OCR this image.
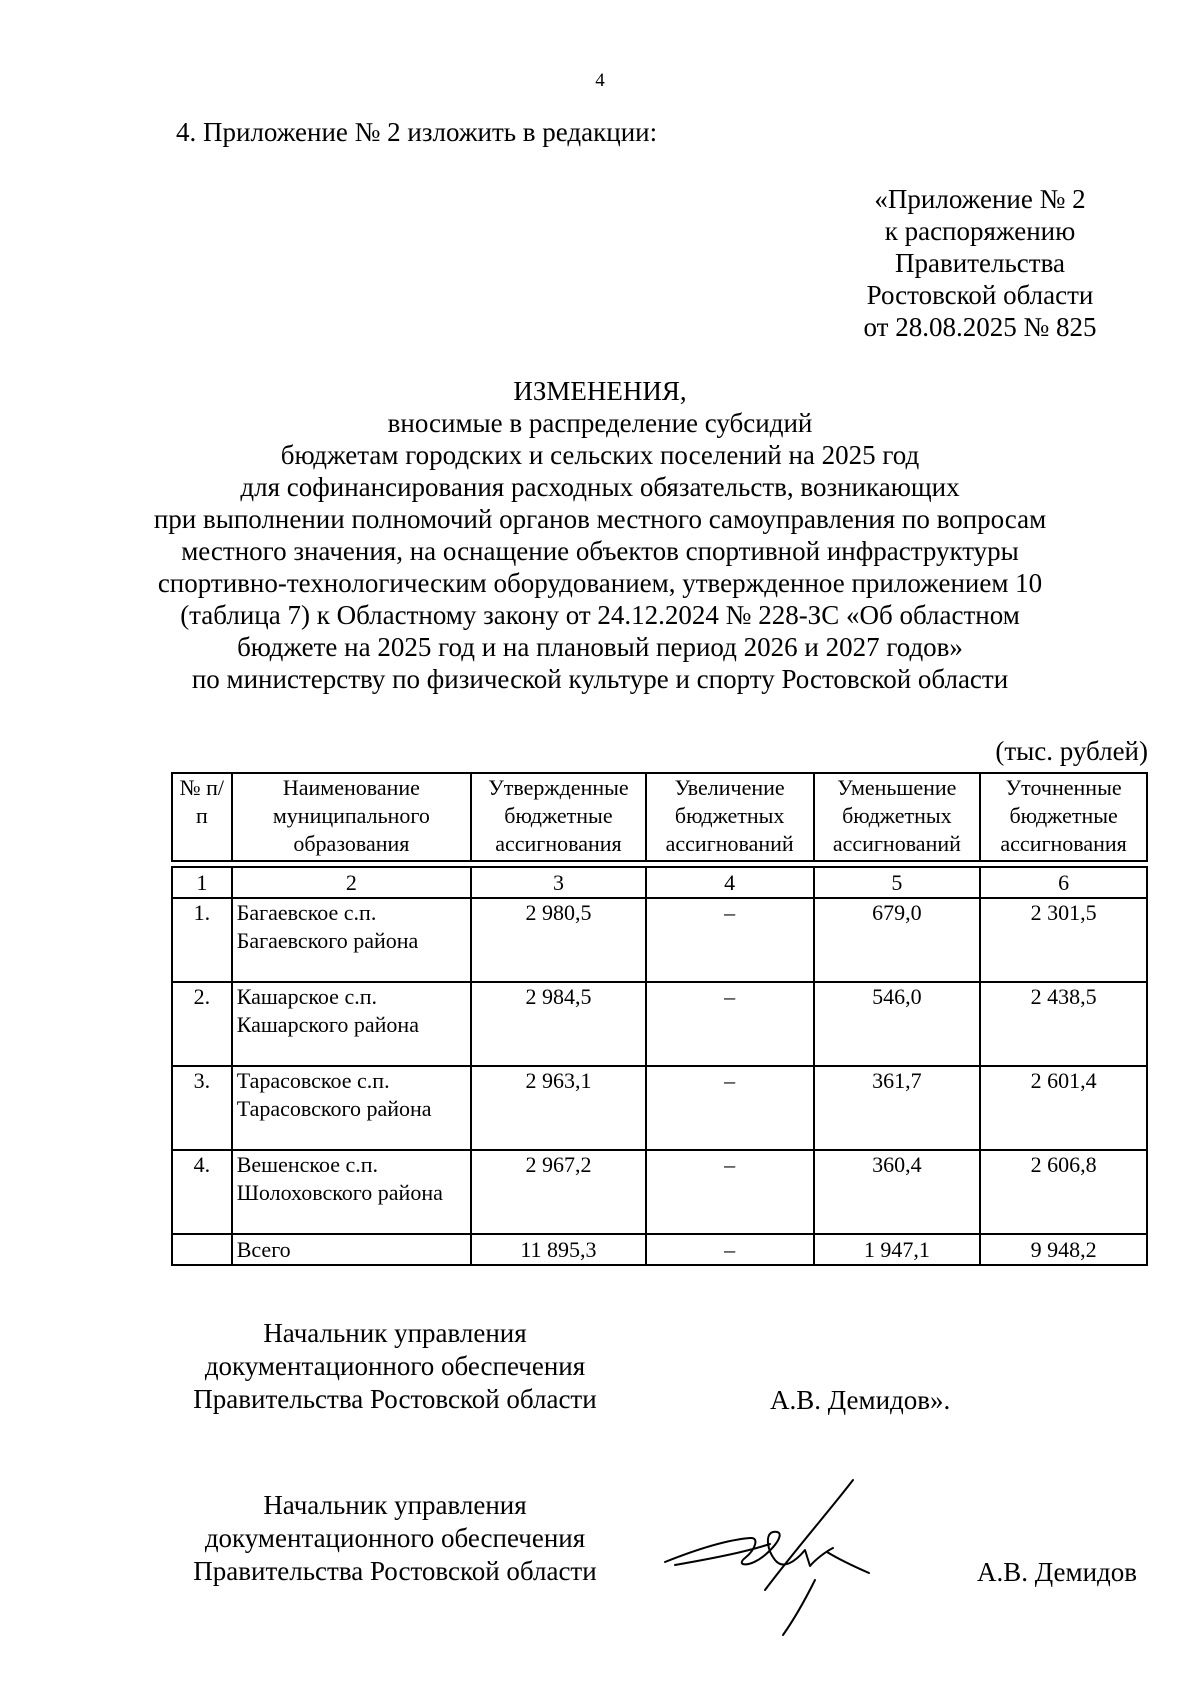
4
4. Приложение № 2 изложить в редакции:
«Приложение № 2
к распоряжению
Правительства
Ростовской области
от 28.08.2025 № 825
ИЗМЕНЕНИЯ,
вносимые в распределение субсидий
бюджетам городских и сельских поселений на 2025 год
для софинансирования расходных обязательств, возникающих
при выполнении полномочий органов местного самоуправления по вопросам
местного значения, на оснащение объектов спортивной инфраструктуры
спортивно-технологическим оборудованием, утвержденное приложением 10
(таблица 7) к Областному закону от 24.12.2024 № 228-ЗС «Об областном
бюджете на 2025 год и на плановый период 2026 и 2027 годов»
по министерству по физической культуре и спорту Ростовской области
(тыс. рублей)
№ п/п	Наименование муниципального образования	Утвержденные бюджетные ассигнования	Увеличение бюджетных ассигнований	Уменьшение бюджетных ассигнований	Уточненные бюджетные ассигнования

1	2	3	4	5	6
1.	Багаевское с.п. Багаевского района	2 980,5	–	679,0	2 301,5
2.	Кашарское с.п. Кашарского района	2 984,5	–	546,0	2 438,5
3.	Тарасовское с.п. Тарасовского района	2 963,1	–	361,7	2 601,4
4.	Вешенское с.п. Шолоховского района	2 967,2	–	360,4	2 606,8
	Всего	11 895,3	–	1 947,1	9 948,2
Начальник управления
документационного обеспечения
Правительства Ростовской области	А.В. Демидов».
Начальник управления
документационного обеспечения
Правительства Ростовской области	А.В. Демидов
